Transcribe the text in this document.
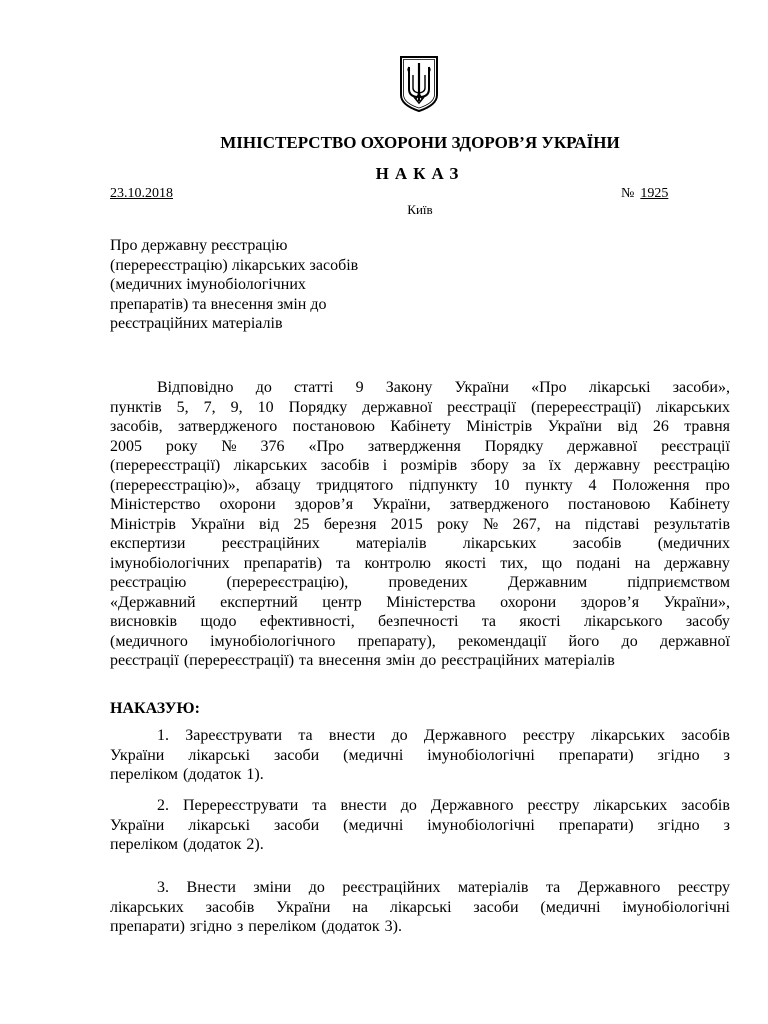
МІНІСТЕРСТВО ОХОРОНИ ЗДОРОВ’Я УКРАЇНИ
НАКАЗ
23.10.2018	№ 1925
Київ
Про державну реєстрацію
(перереєстрацію) лікарських засобів
(медичних імунобіологічних
препаратів) та внесення змін до
реєстраційних матеріалів
Відповідно до статті 9 Закону України «Про лікарські засоби»,
пунктів 5, 7, 9, 10 Порядку державної реєстрації (перереєстрації) лікарських
засобів, затвердженого постановою Кабінету Міністрів України від 26 травня
2005 року № 376 «Про затвердження Порядку державної реєстрації
(перереєстрації) лікарських засобів і розмірів збору за їх державну реєстрацію
(перереєстрацію)», абзацу тридцятого підпункту 10 пункту 4 Положення про
Міністерство охорони здоров’я України, затвердженого постановою Кабінету
Міністрів України від 25 березня 2015 року № 267, на підставі результатів
експертизи реєстраційних матеріалів лікарських засобів (медичних
імунобіологічних препаратів) та контролю якості тих, що подані на державну
реєстрацію	(перереєстрацію),	проведених	Державним	підприємством
«Державний експертний центр Міністерства охорони здоров’я України»,
висновків щодо ефективності, безпечності та якості лікарського засобу
(медичного імунобіологічного препарату), рекомендації його до державної
реєстрації (перереєстрації) та внесення змін до реєстраційних матеріалів
НАКАЗУЮ:
1. Зареєструвати та внести до Державного реєстру лікарських засобів
України лікарські засоби (медичні імунобіологічні препарати) згідно з
переліком (додаток 1).
2. Перереєструвати та внести до Державного реєстру лікарських засобів
України лікарські засоби (медичні імунобіологічні препарати) згідно з
переліком (додаток 2).
3. Внести зміни до реєстраційних матеріалів та Державного реєстру
лікарських засобів України на лікарські засоби (медичні імунобіологічні
препарати) згідно з переліком (додаток 3).
